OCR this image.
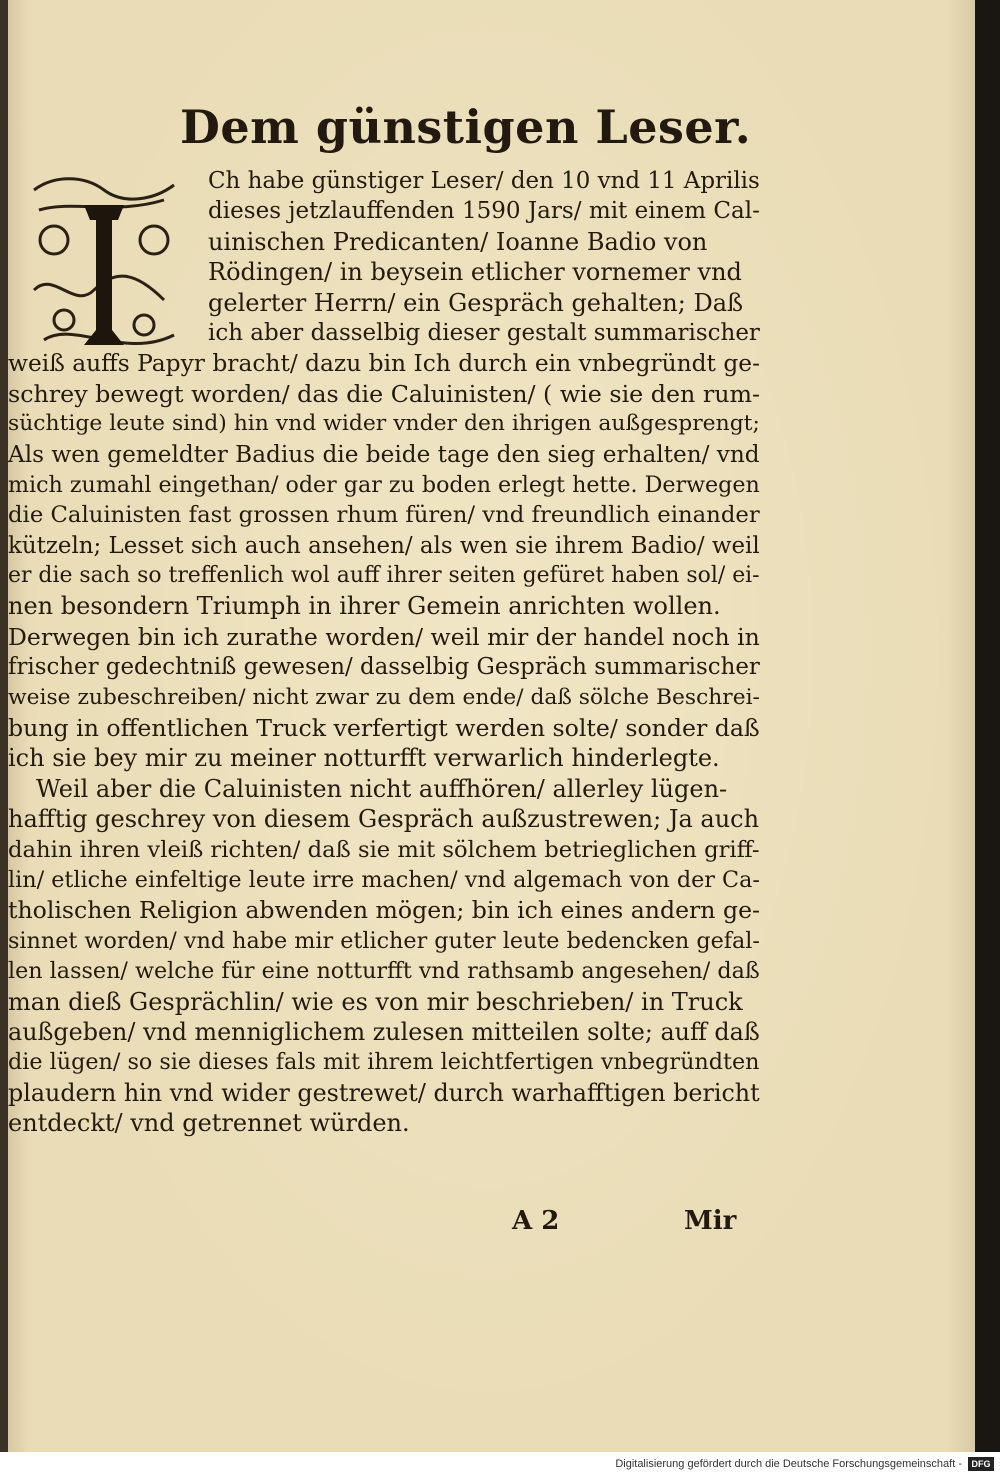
Dem günstigen Leser.
Ch habe günstiger Leser/ den 10 vnd 11 Aprilis
dieses jetzlauffenden 1590 Jars/ mit einem Cal-
uinischen Predicanten/ Ioanne Badio von
Rödingen/ in beysein etlicher vornemer vnd
gelerter Herrn/ ein Gespräch gehalten; Daß
ich aber dasselbig dieser gestalt summarischer
weiß auffs Papyr bracht/ dazu bin Ich durch ein vnbegründt ge-
schrey bewegt worden/ das die Caluinisten/ ( wie sie den rum-
süchtige leute sind) hin vnd wider vnder den ihrigen außgesprengt;
Als wen gemeldter Badius die beide tage den sieg erhalten/ vnd
mich zumahl eingethan/ oder gar zu boden erlegt hette. Derwegen
die Caluinisten fast grossen rhum füren/ vnd freundlich einander
kützeln; Lesset sich auch ansehen/ als wen sie ihrem Badio/ weil
er die sach so treffenlich wol auff ihrer seiten gefüret haben sol/ ei-
nen besondern Triumph in ihrer Gemein anrichten wollen.
Derwegen bin ich zurathe worden/ weil mir der handel noch in
frischer gedechtniß gewesen/ dasselbig Gespräch summarischer
weise zubeschreiben/ nicht zwar zu dem ende/ daß sölche Beschrei-
bung in offentlichen Truck verfertigt werden solte/ sonder daß
ich sie bey mir zu meiner notturfft verwarlich hinderlegte.
Weil aber die Caluinisten nicht auffhören/ allerley lügen-
hafftig geschrey von diesem Gespräch außzustrewen; Ja auch
dahin ihren vleiß richten/ daß sie mit sölchem betrieglichen griff-
lin/ etliche einfeltige leute irre machen/ vnd algemach von der Ca-
tholischen Religion abwenden mögen; bin ich eines andern ge-
sinnet worden/ vnd habe mir etlicher guter leute bedencken gefal-
len lassen/ welche für eine notturfft vnd rathsamb angesehen/ daß
man dieß Gesprächlin/ wie es von mir beschrieben/ in Truck
außgeben/ vnd menniglichem zulesen mitteilen solte; auff daß
die lügen/ so sie dieses fals mit ihrem leichtfertigen vnbegründten
plaudern hin vnd wider gestrewet/ durch warhafftigen bericht
entdeckt/ vnd getrennet würden.
A 2	Mir
Digitalisierung gefördert durch die Deutsche Forschungsgemeinschaft -	DFG
